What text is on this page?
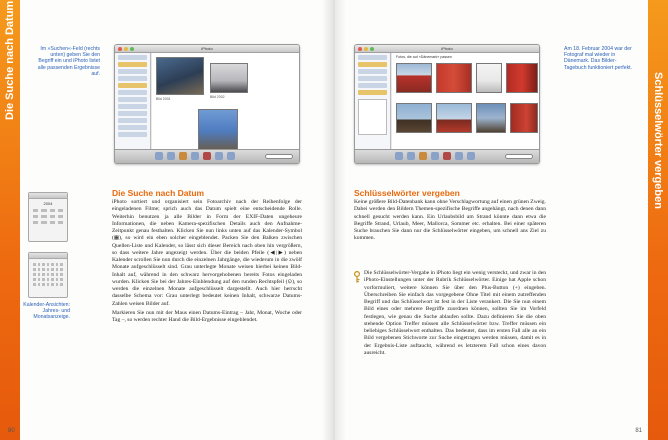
Die Suche nach Datum	Im »Suchen«-Feld (rechts unten) geben Sie den Begriff ein und iPhoto listet alle passenden Ergebnisse auf.
iPhoto
Bild 2001	Bild 2002
2004
Kalender-Ansichten: Jahres- und Monatsanzeige.
Die Suche nach Datum

iPhoto sortiert und organisiert sein Fotoarchiv nach der Reihenfolge der eingeladenen Filme; sprich auch das Datum spielt eine entscheidende Rolle. Weiterhin benutzen ja alle Bilder in Form der EXIF-Daten ungeheure Informationen, die neben Kamera-spezifischen Details auch den Aufnahme-Zeitpunkt genau festhalten. Klicken Sie nun links unten auf das Kalender-Symbol (▦), so wird ein eben solcher eingeblendet. Packen Sie den Balken zwischen Quellen-Liste und Kalender, so lässt sich dieser Bereich nach oben hin vergrößern, so dass weitere Jahre angezeigt werden. Über die beiden Pfeile (◀|▶) neben Kalender scrollen Sie nun durch die einzelnen Jahrgänge, die wiederum in die zwölf Monate aufgeschlüsselt sind. Grau unterlegte Monate weisen hierbei keinen Bild-Inhalt auf, während in den schwarz hervorgehobenen bereits Fotos eingeladen wurden. Klicken Sie bei der Jahres-Einblendung auf den runden Rechtspfeil (⊙), so werden die einzelnen Monate aufgeschlüsselt dargestellt. Auch hier herrscht dasselbe Schema vor: Grau unterlegt bedeutet keinen Inhalt, schwarze Datums-Zahlen weisen Bilder auf.

Markieren Sie nun mit der Maus einen Datums-Eintrag – Jahr, Monat, Woche oder Tag –, so werden rechter Hand die Bild-Ergebnisse eingeblendet.

80
Schlüsselwörter vergeben
iPhoto
Fotos, die auf »Dänemark« passen
Am 18. Februar 2004 war der Fotograf mal wieder in Dänemark. Das Bilder-Tagebuch funktioniert perfekt.
Schlüsselwörter vergeben

Keine größere Bild-Datenbank kann ohne Verschlagwortung auf einen grünen Zweig. Dabei werden den Bildern Themen-spezifische Begriffe angehängt, nach denen dann schnell gesucht werden kann. Ein Urlaubsbild am Strand könnte dann etwa die Begriffe Strand, Urlaub, Meer, Mallorca, Sommer etc. erhalten. Bei einer späteren Suche brauchen Sie dann nur die Schlüsselwörter eingeben, um schnell ans Ziel zu kommen.

Die Schlüsselwörter-Vergabe in iPhoto liegt ein wenig versteckt, und zwar in den iPhoto-Einstellungen unter der Rubrik Schlüsselwörter. Einige hat Apple schon vorformuliert, weitere können Sie über den Plus-Button (+) eingeben. Überschreiben Sie einfach das vorgegebene Ohne Titel mit einem zutreffenden Begriff und das Schlüsselwort ist fest in der Liste verankert. Die Sie nun einem Bild eines oder mehrere Begriffe zuordnen können, sollten Sie im Vorfeld festlegen, wie genau die Suche ablaufen sollte. Dazu definieren Sie die oben stehende Option Treffer müssen alle Schlüsselwörter bzw. Treffer müssen ein beliebiges Schlüsselwort enthalten. Das bedeutet, dass im ersten Fall alle an ein Bild vergebenen Stichworte zur Suche eingetragen werden müssen, damit es in der Ergebnis-Liste auftaucht, während es letzterem Fall schon eines davon ausreicht.

81
